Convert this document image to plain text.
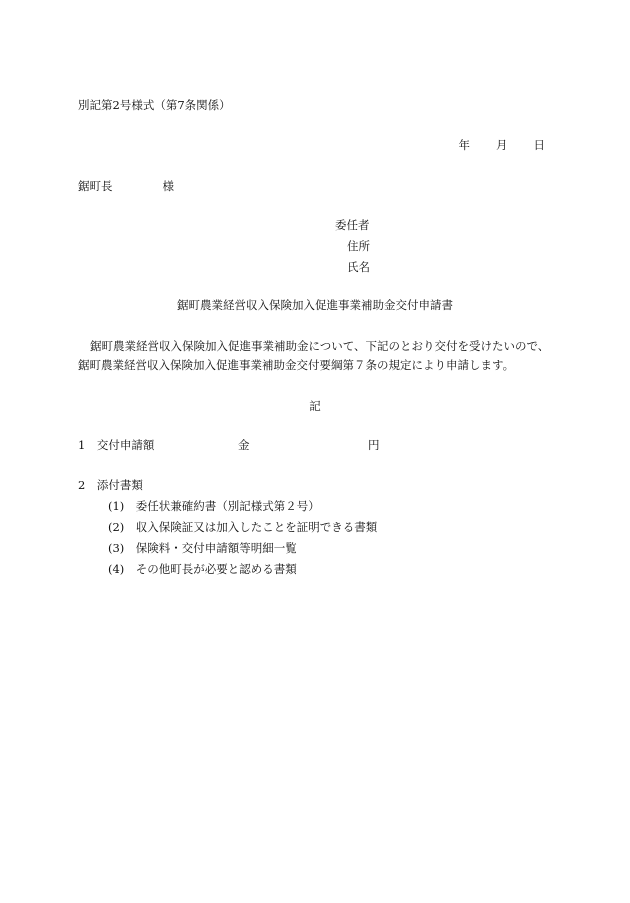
別記第2号様式（第7条関係）
年 月 日
鋸町長	様
委任者
住所
氏名
鋸町農業経営収入保険加入促進事業補助金交付申請書

鋸町農業経営収入保険加入促進事業補助金について、下記のとおり交付を受けたいので、

鋸町農業経営収入保険加入促進事業補助金交付要綱第７条の規定により申請します。

記
1　交付申請額	金	円
2　添付書類
(1)　委任状兼確約書（別記様式第２号）
(2)　収入保険証又は加入したことを証明できる書類
(3)　保険料・交付申請額等明細一覧
(4)　その他町長が必要と認める書類
